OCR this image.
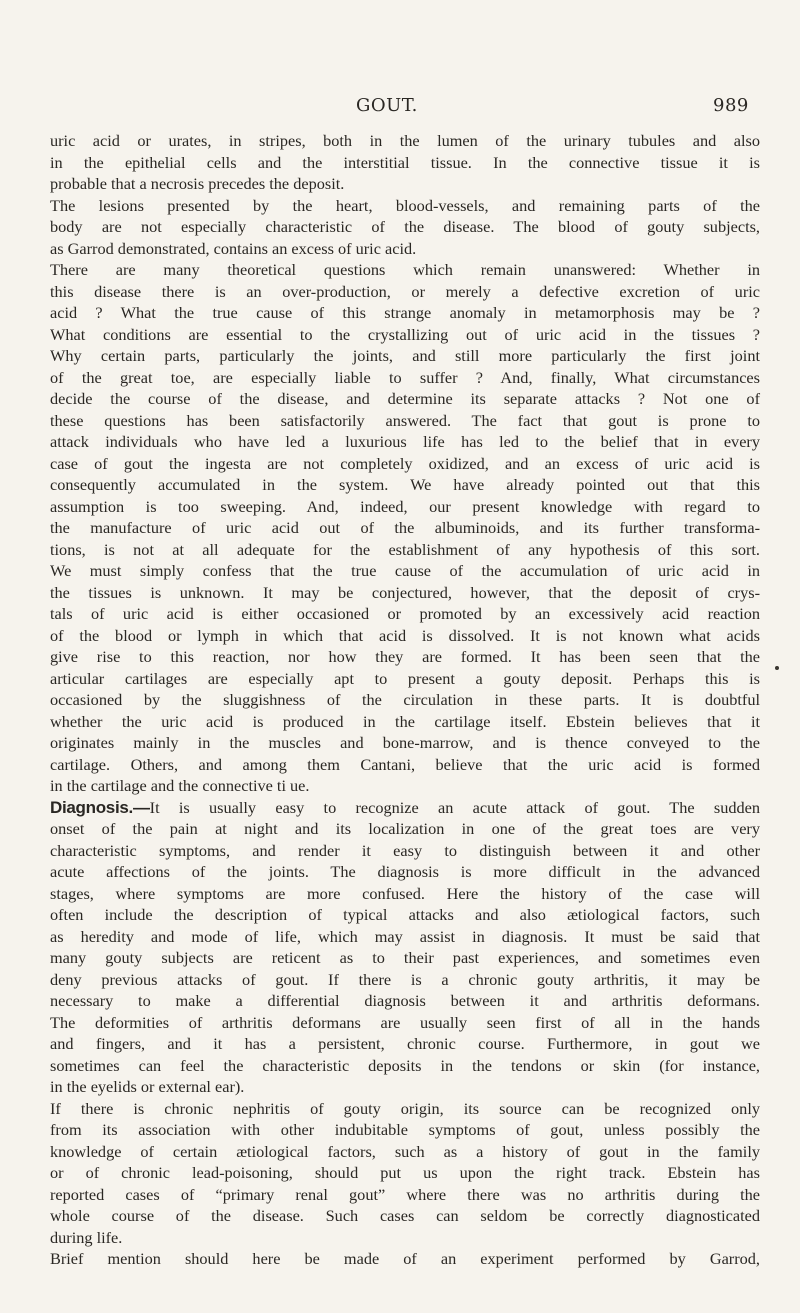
GOUT.	989

uric acid or urates, in stripes, both in the lumen of the urinary tubules and also
in the epithelial cells and the interstitial tissue. In the connective tissue it is
probable that a necrosis precedes the deposit.

The lesions presented by the heart, blood-vessels, and remaining parts of the
body are not especially characteristic of the disease. The blood of gouty subjects,
as Garrod demonstrated, contains an excess of uric acid.

There are many theoretical questions which remain unanswered: Whether in
this disease there is an over-production, or merely a defective excretion of uric
acid ? What the true cause of this strange anomaly in metamorphosis may be ?
What conditions are essential to the crystallizing out of uric acid in the tissues ?
Why certain parts, particularly the joints, and still more particularly the first joint
of the great toe, are especially liable to suffer ? And, finally, What circumstances
decide the course of the disease, and determine its separate attacks ? Not one of
these questions has been satisfactorily answered. The fact that gout is prone to
attack individuals who have led a luxurious life has led to the belief that in every
case of gout the ingesta are not completely oxidized, and an excess of uric acid is
consequently accumulated in the system. We have already pointed out that this
assumption is too sweeping. And, indeed, our present knowledge with regard to
the manufacture of uric acid out of the albuminoids, and its further transforma-
tions, is not at all adequate for the establishment of any hypothesis of this sort.
We must simply confess that the true cause of the accumulation of uric acid in
the tissues is unknown. It may be conjectured, however, that the deposit of crys-
tals of uric acid is either occasioned or promoted by an excessively acid reaction
of the blood or lymph in which that acid is dissolved. It is not known what acids
give rise to this reaction, nor how they are formed. It has been seen that the
articular cartilages are especially apt to present a gouty deposit. Perhaps this is
occasioned by the sluggishness of the circulation in these parts. It is doubtful
whether the uric acid is produced in the cartilage itself. Ebstein believes that it
originates mainly in the muscles and bone-marrow, and is thence conveyed to the
cartilage. Others, and among them Cantani, believe that the uric acid is formed
in the cartilage and the connective ti ue.

Diagnosis.—It is usually easy to recognize an acute attack of gout. The sudden
onset of the pain at night and its localization in one of the great toes are very
characteristic symptoms, and render it easy to distinguish between it and other
acute affections of the joints. The diagnosis is more difficult in the advanced
stages, where symptoms are more confused. Here the history of the case will
often include the description of typical attacks and also ætiological factors, such
as heredity and mode of life, which may assist in diagnosis. It must be said that
many gouty subjects are reticent as to their past experiences, and sometimes even
deny previous attacks of gout. If there is a chronic gouty arthritis, it may be
necessary to make a differential diagnosis between it and arthritis deformans.
The deformities of arthritis deformans are usually seen first of all in the hands
and fingers, and it has a persistent, chronic course. Furthermore, in gout we
sometimes can feel the characteristic deposits in the tendons or skin (for instance,
in the eyelids or external ear).

If there is chronic nephritis of gouty origin, its source can be recognized only
from its association with other indubitable symptoms of gout, unless possibly the
knowledge of certain ætiological factors, such as a history of gout in the family
or of chronic lead-poisoning, should put us upon the right track. Ebstein has
reported cases of “primary renal gout” where there was no arthritis during the
whole course of the disease. Such cases can seldom be correctly diagnosticated
during life.

Brief mention should here be made of an experiment performed by Garrod,
